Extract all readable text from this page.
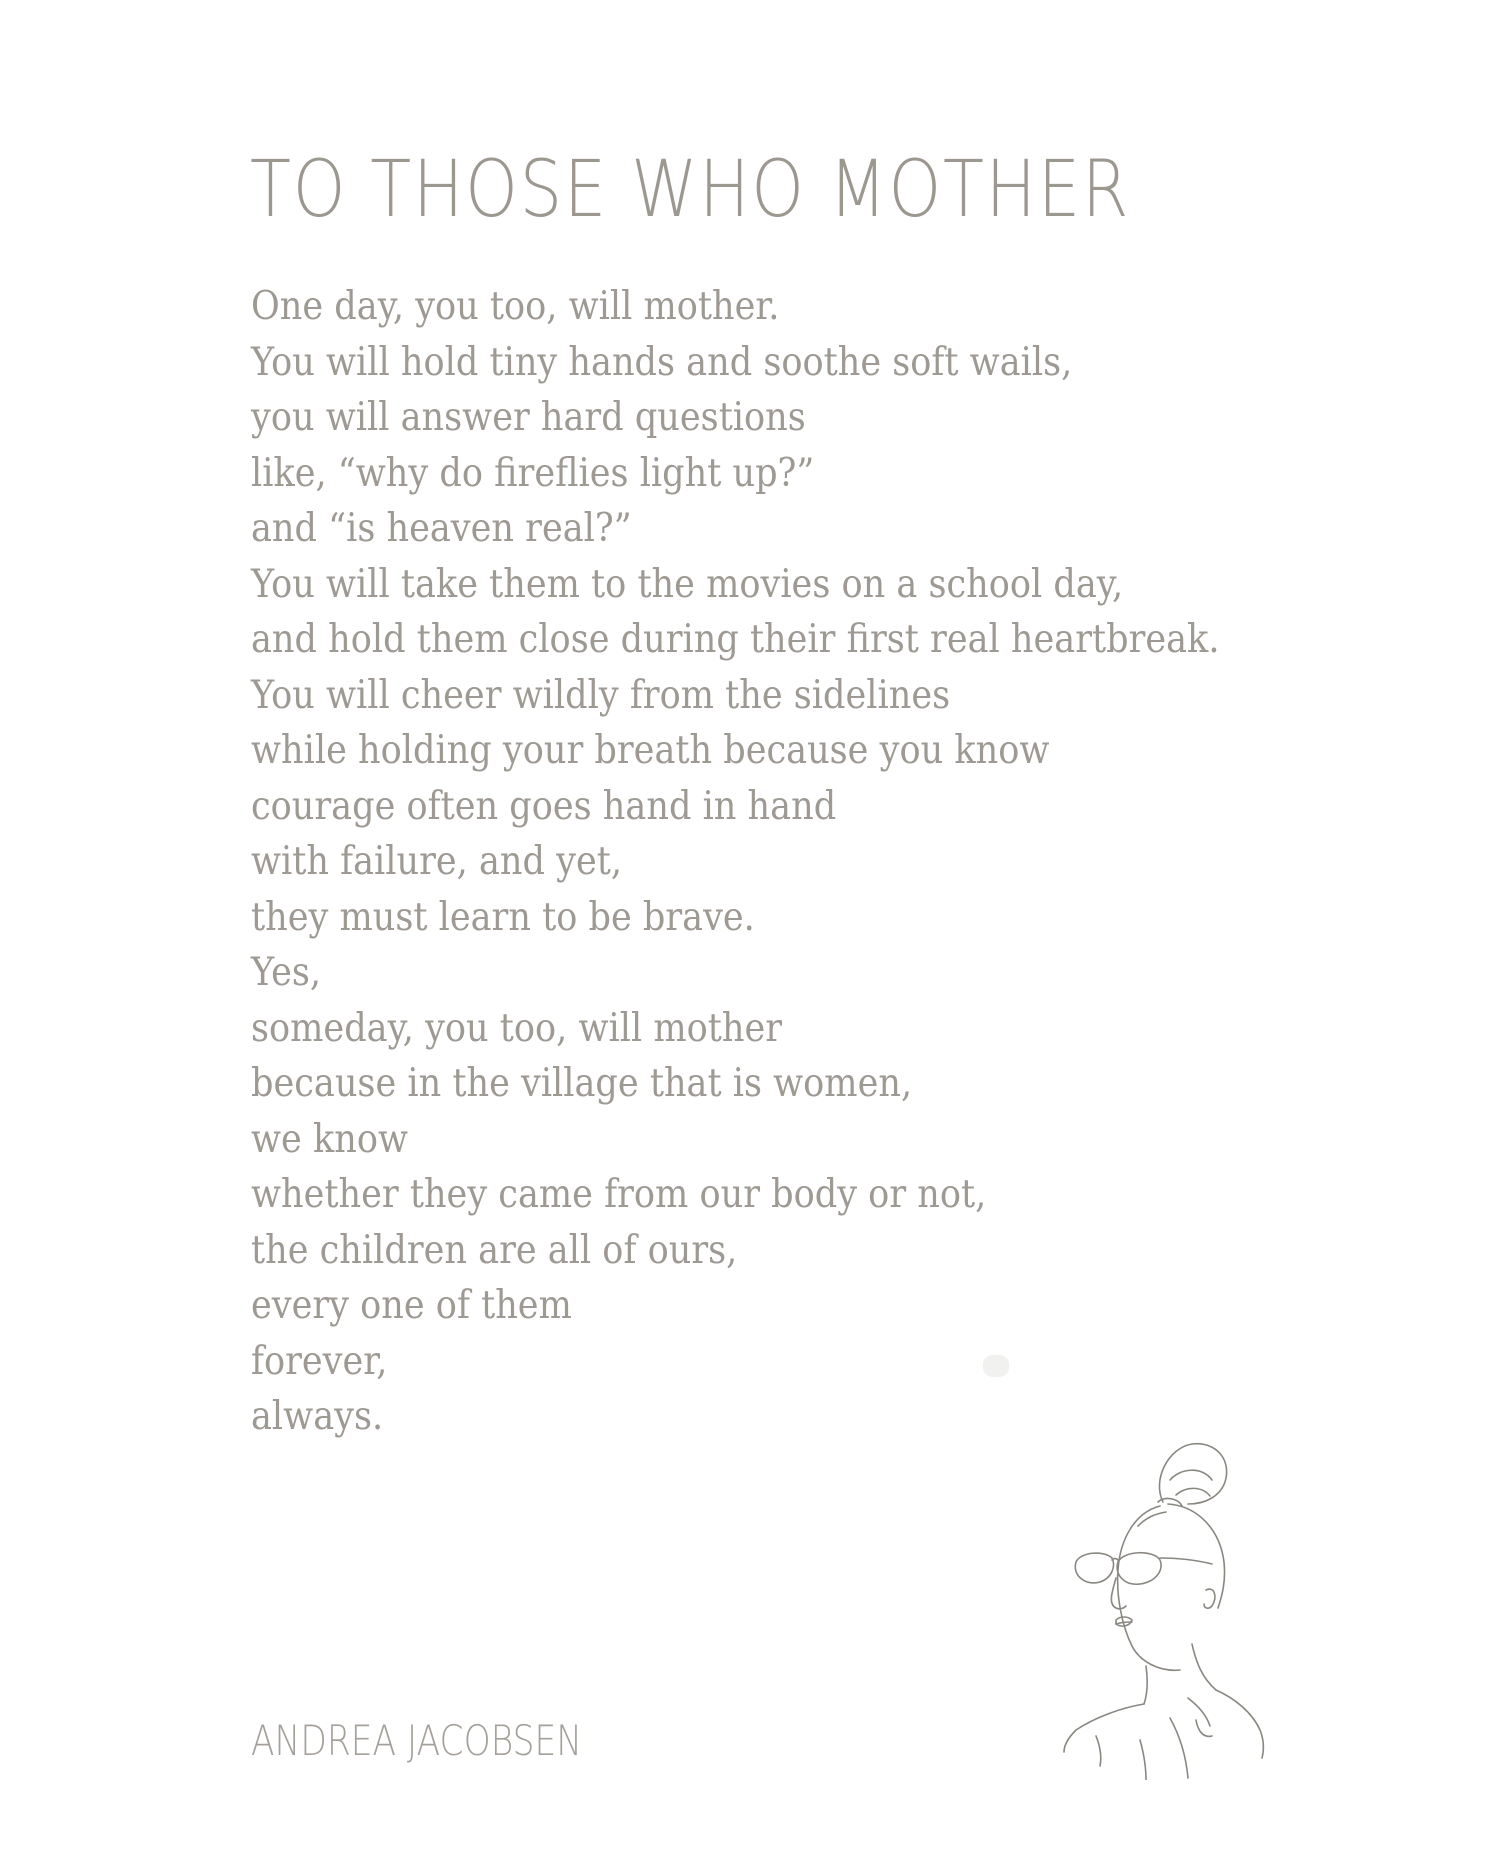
TO THOSE WHO MOTHER
One day, you too, will mother.
You will hold tiny hands and soothe soft wails,
you will answer hard questions
like, “why do fireflies light up?”
and “is heaven real?”
You will take them to the movies on a school day,
and hold them close during their first real heartbreak.
You will cheer wildly from the sidelines
while holding your breath because you know
courage often goes hand in hand
with failure, and yet,
they must learn to be brave.
Yes,
someday, you too, will mother
because in the village that is women,
we know
whether they came from our body or not,
the children are all of ours,
every one of them
forever,
always.
ANDREA JACOBSEN
